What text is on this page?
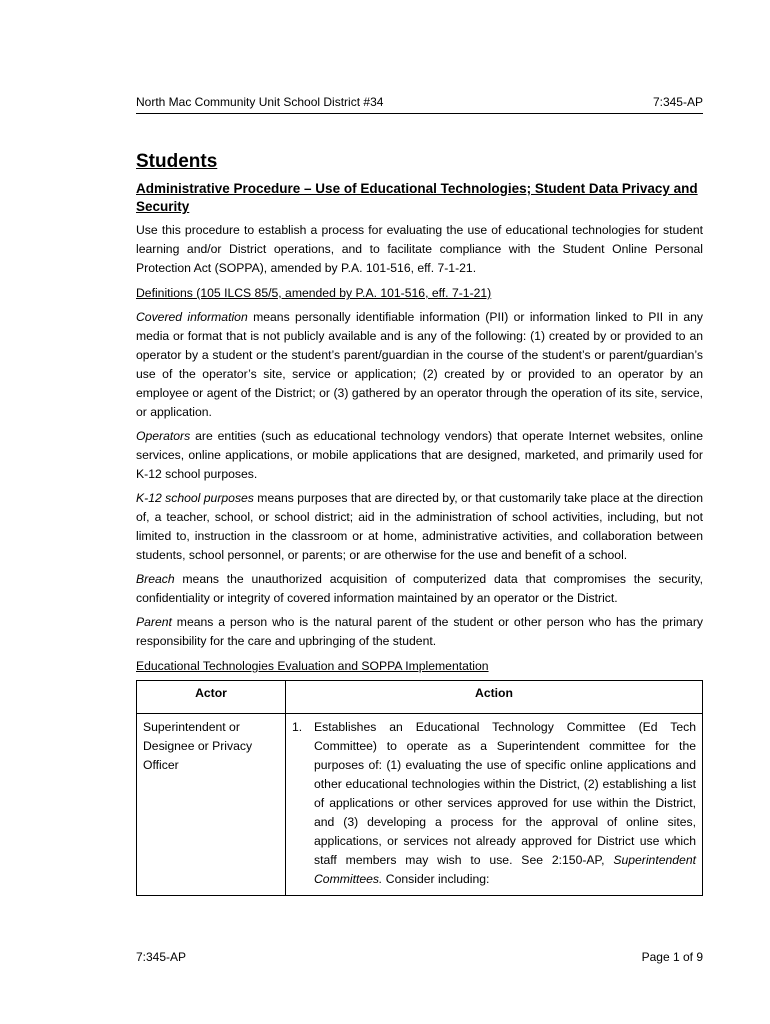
North Mac Community Unit School District #34	7:345-AP
Students
Administrative Procedure – Use of Educational Technologies; Student Data Privacy and Security

Use this procedure to establish a process for evaluating the use of educational technologies for student learning and/or District operations, and to facilitate compliance with the Student Online Personal Protection Act (SOPPA), amended by P.A. 101-516, eff. 7-1-21.

Definitions (105 ILCS 85/5, amended by P.A. 101-516, eff. 7-1-21)

Covered information means personally identifiable information (PII) or information linked to PII in any media or format that is not publicly available and is any of the following: (1) created by or provided to an operator by a student or the student’s parent/guardian in the course of the student’s or parent/guardian’s use of the operator’s site, service or application; (2) created by or provided to an operator by an employee or agent of the District; or (3) gathered by an operator through the operation of its site, service, or application.

Operators are entities (such as educational technology vendors) that operate Internet websites, online services, online applications, or mobile applications that are designed, marketed, and primarily used for K-12 school purposes.

K-12 school purposes means purposes that are directed by, or that customarily take place at the direction of, a teacher, school, or school district; aid in the administration of school activities, including, but not limited to, instruction in the classroom or at home, administrative activities, and collaboration between students, school personnel, or parents; or are otherwise for the use and benefit of a school.

Breach means the unauthorized acquisition of computerized data that compromises the security, confidentiality or integrity of covered information maintained by an operator or the District.

Parent means a person who is the natural parent of the student or other person who has the primary responsibility for the care and upbringing of the student.

Educational Technologies Evaluation and SOPPA Implementation

Actor	Action
Superintendent or Designee or Privacy Officer	1. Establishes an Educational Technology Committee (Ed Tech Committee) to operate as a Superintendent committee for the purposes of: (1) evaluating the use of specific online applications and other educational technologies within the District, (2) establishing a list of applications or other services approved for use within the District, and (3) developing a process for the approval of online sites, applications, or services not already approved for District use which staff members may wish to use. See 2:150-AP, Superintendent Committees. Consider including:
7:345-AP	Page 1 of 9
